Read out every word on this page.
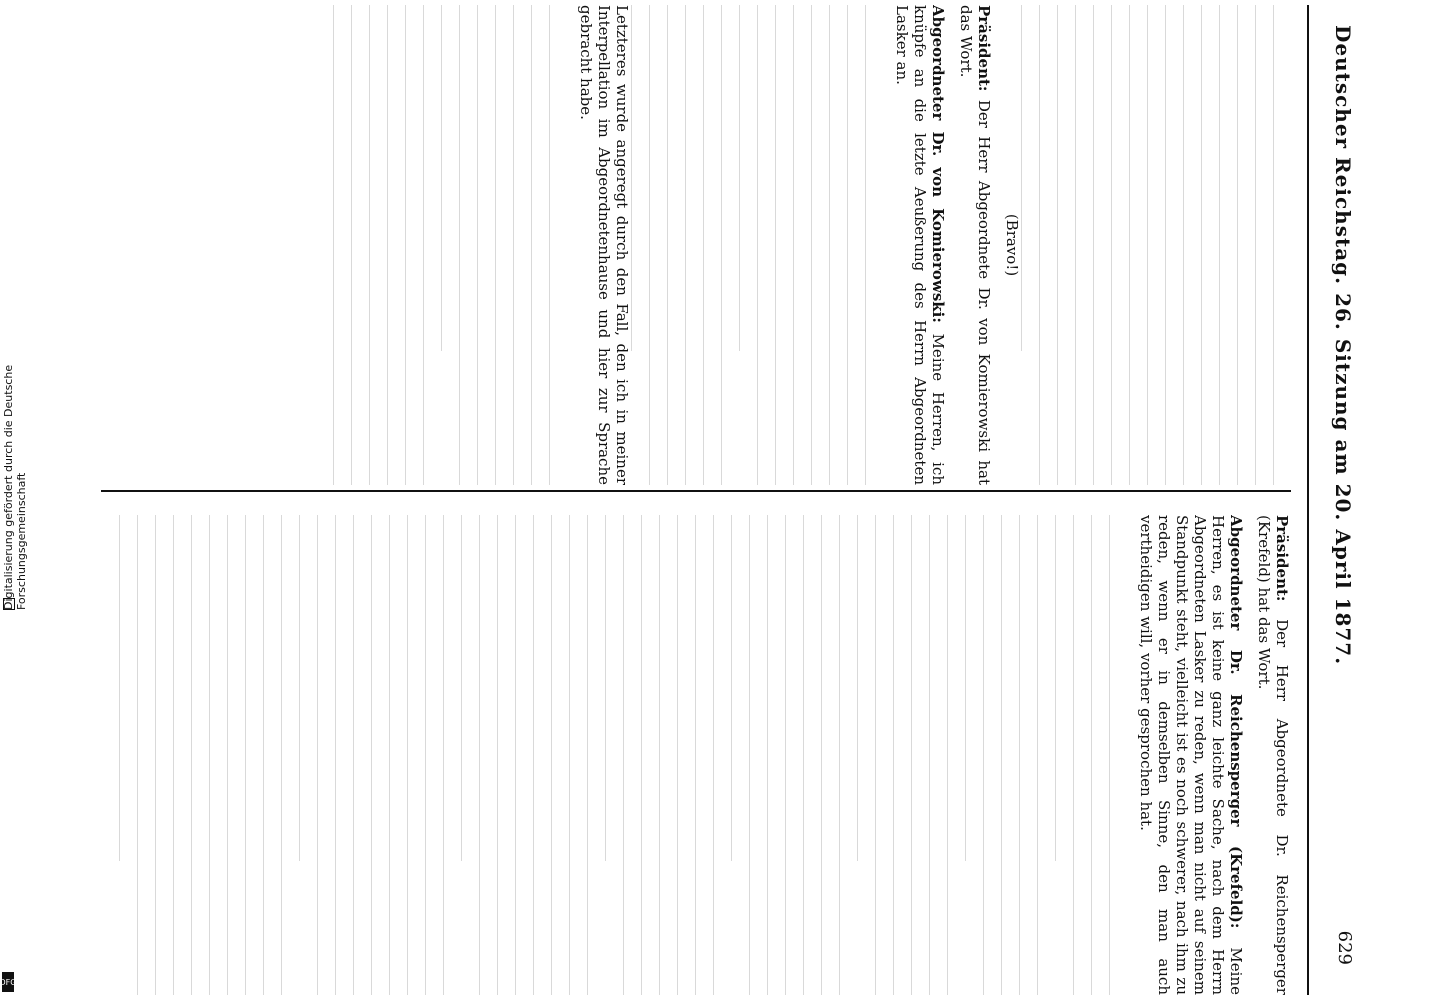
Deutscher Reichstag. 26. Sitzung am 20. April 1877.
629

Präsident: Der Herr Abgeordnete Dr. Reichensperger (Krefeld) hat das Wort.

Abgeordneter Dr. Reichensperger (Krefeld): Meine Herren, es ist keine ganz leichte Sache, nach dem Herrn Abgeordneten Lasker zu reden, wenn man nicht auf seinem Standpunkt steht, vielleicht ist es noch schwerer, nach ihm zu reden, wenn er in demselben Sinne, den man auch vertheidigen will, vorher gesprochen hat.

(Bravo!)

Präsident: Der Herr Abgeordnete Dr. von Komierowski hat das Wort.

Abgeordneter Dr. von Komierowski: Meine Herren, ich knüpfe an die letzte Aeußerung des Herrn Abgeordneten Lasker an.

Letzteres wurde angeregt durch den Fall, den ich in meiner Interpellation im Abgeordnetenhause und hier zur Sprache gebracht habe.

Digitalisierung gefördert durch die Deutsche Forschungsgemeinschaft
DFG
